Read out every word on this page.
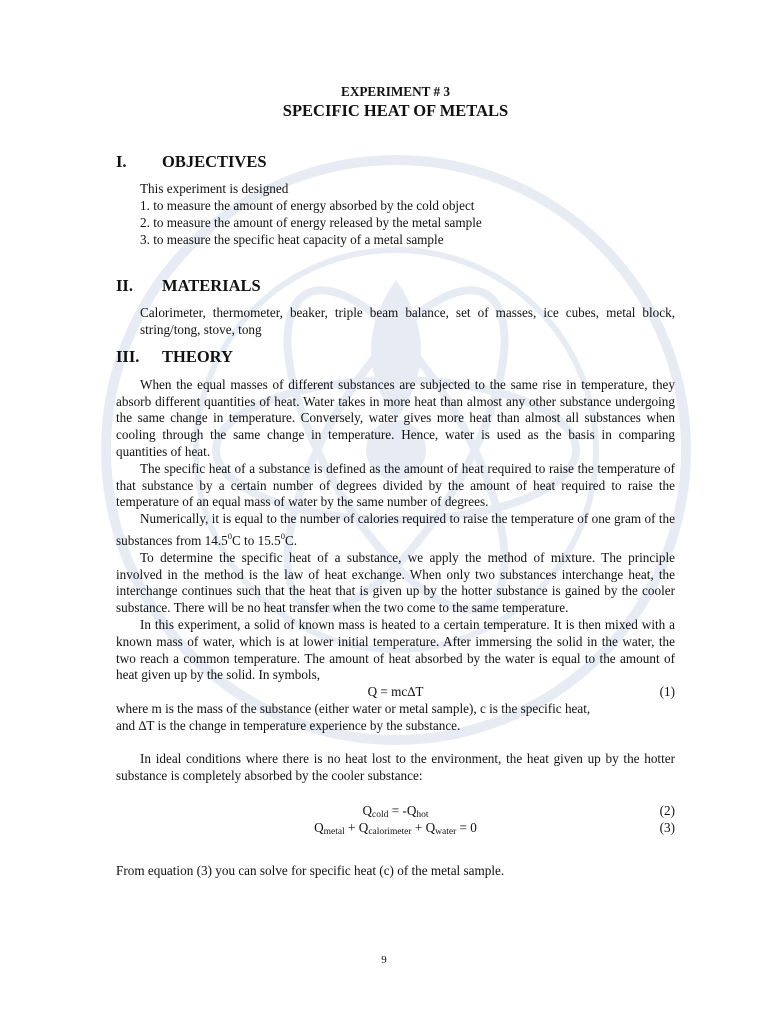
EXPERIMENT # 3
SPECIFIC HEAT OF METALS
I.	OBJECTIVES
This experiment is designed
1. to measure the amount of energy absorbed by the cold object
2. to measure the amount of energy released by the metal sample
3. to measure the specific heat capacity of a metal sample
II.	MATERIALS

Calorimeter, thermometer, beaker, triple beam balance, set of masses, ice cubes, metal block, string/tong, stove, tong

III.	THEORY

When the equal masses of different substances are subjected to the same rise in temperature, they absorb different quantities of heat. Water takes in more heat than almost any other substance undergoing the same change in temperature. Conversely, water gives more heat than almost all substances when cooling through the same change in temperature. Hence, water is used as the basis in comparing quantities of heat.

The specific heat of a substance is defined as the amount of heat required to raise the temperature of that substance by a certain number of degrees divided by the amount of heat required to raise the temperature of an equal mass of water by the same number of degrees.

Numerically, it is equal to the number of calories required to raise the temperature of one gram of the substances from 14.5$^0$C to 15.5$^0$C.

To determine the specific heat of a substance, we apply the method of mixture. The principle involved in the method is the law of heat exchange. When only two substances interchange heat, the interchange continues such that the heat that is given up by the hotter substance is gained by the cooler substance. There will be no heat transfer when the two come to the same temperature.

In this experiment, a solid of known mass is heated to a certain temperature. It is then mixed with a known mass of water, which is at lower initial temperature. After immersing the solid in the water, the two reach a common temperature. The amount of heat absorbed by the water is equal to the amount of heat given up by the solid. In symbols,

Q = mc∆T	(1)

where m is the mass of the substance (either water or metal sample), c is the specific heat,
and ∆T is the change in temperature experience by the substance.

In ideal conditions where there is no heat lost to the environment, the heat given up by the hotter substance is completely absorbed by the cooler substance:

$Q_{cold} = -Q_{hot}$	(2)
$Q_{metal} + Q_{calorimeter} + Q_{water} = 0$	(3)

From equation (3) you can solve for specific heat (c) of the metal sample.

9
